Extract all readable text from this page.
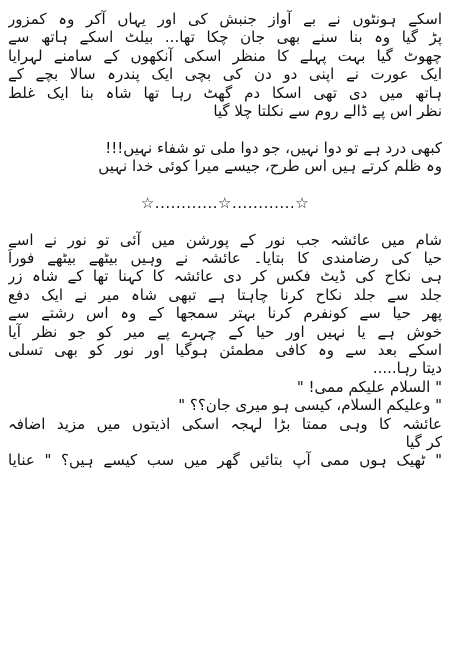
اسکے ہونٹوں نے بے آواز جنبش کی اور یہاں آکر وہ کمزور
پڑ گیا وہ بنا سنے بھی جان چکا تھا... بیلٹ اسکے ہاتھ سے
چھوٹ گیا بہت پہلے کا منظر اسکی آنکھوں کے سامنے لہرایا
ایک عورت نے اپنی دو دن کی بچی ایک پندرہ سالا بچے کے
ہاتھ میں دی تھی اسکا دم گھٹ رہا تھا شاہ بنا ایک غلط
نظر اس پے ڈالے روم سے نکلتا چلا گیا
کبھی درد ہے تو دوا نہیں، جو دوا ملی تو شفاء نہیں!!!
وہ ظلم کرتے ہیں اس طرح، جیسے میرا کوئی خدا نہیں
☆............☆............☆
شام میں عائشہ جب نور کے پورشن میں آئی تو نور نے اسے
حیا کی رضامندی کا بتایا۔ عائشہ نے وہیں بیٹھے بیٹھے فوراً
ہی نکاح کی ڈیٹ فکس کر دی عائشہ کا کہنا تھا کے شاہ زر
جلد سے جلد نکاح کرنا چاہتا ہے تبھی شاہ میر نے ایک دفع
پھر حیا سے کونفرم کرنا بہتر سمجھا کے وہ اس رشتے سے
خوش ہے یا نہیں اور حیا کے چہرے پے میر کو جو نظر آیا
اسکے بعد سے وہ کافی مطمئن ہوگیا اور نور کو بھی تسلی
دیتا رہا.....
" السلام علیکم ممی! "
" وعلیکم السلام، کیسی ہو میری جان؟؟ "
عائشہ کا وہی ممتا بڑا لہجہ اسکی اذیتوں میں مزید اضافہ
کر گیا
" ٹھیک ہوں ممی آپ بتائیں گھر میں سب کیسے ہیں؟ " عنایا
